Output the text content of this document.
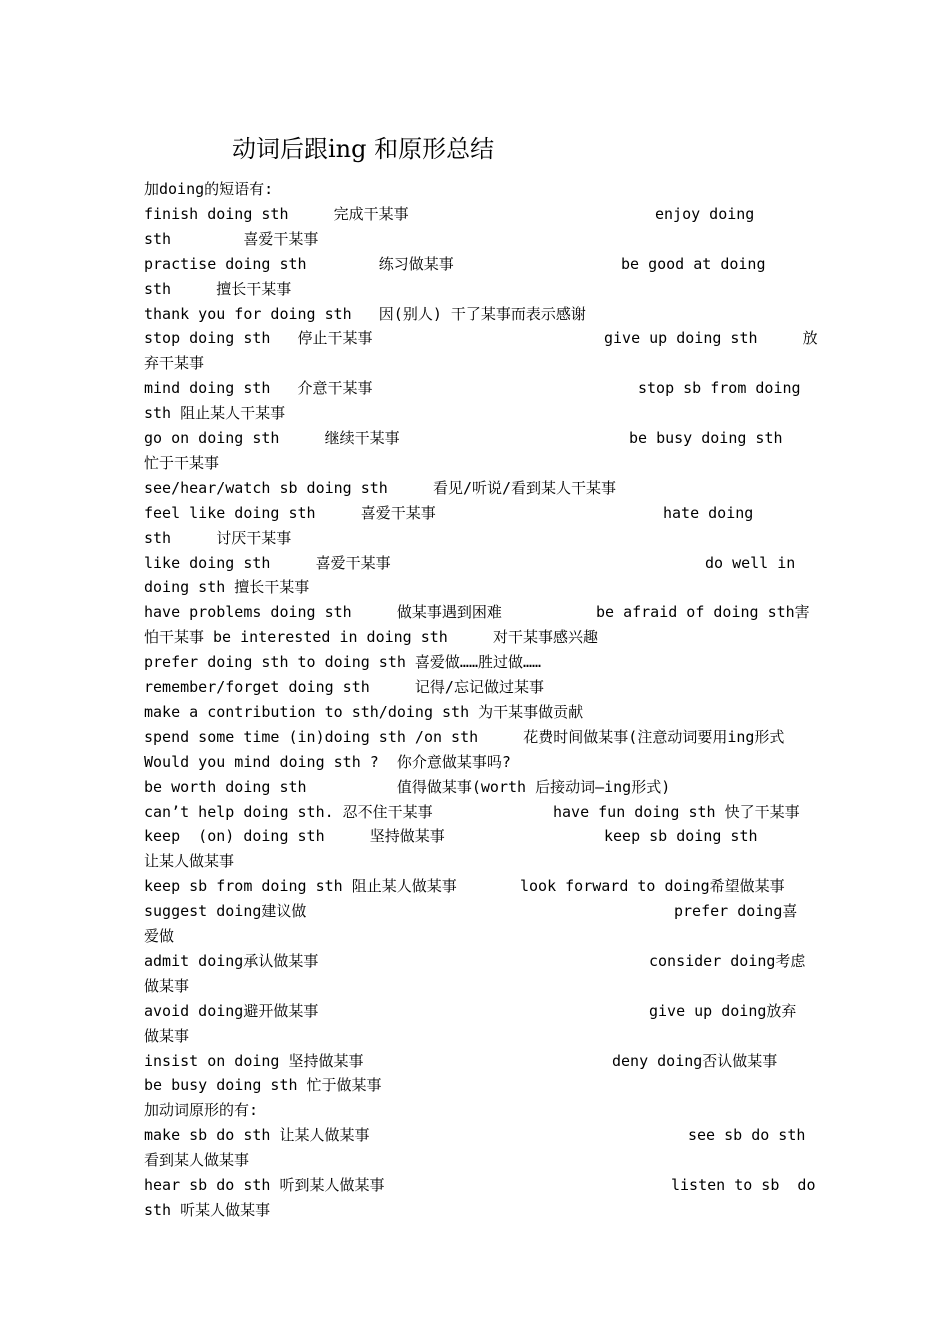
动词后跟ing 和原形总结
加doing的短语有:
finish doing sth     完成干某事	enjoy doing
sth        喜爱干某事
practise doing sth        练习做某事	be good at doing
sth     擅长干某事
thank you for doing sth   因(别人) 干了某事而表示感谢
stop doing sth   停止干某事	give up doing sth     放
弃干某事
mind doing sth   介意干某事	stop sb from doing
sth 阻止某人干某事
go on doing sth     继续干某事	be busy doing sth
忙于干某事
see/hear/watch sb doing sth     看见/听说/看到某人干某事
feel like doing sth     喜爱干某事	hate doing
sth     讨厌干某事
like doing sth     喜爱干某事	do well in
doing sth 擅长干某事
have problems doing sth     做某事遇到困难	be afraid of doing sth害
怕干某事 be interested in doing sth     对干某事感兴趣
prefer doing sth to doing sth 喜爱做……胜过做……
remember/forget doing sth     记得/忘记做过某事
make a contribution to sth/doing sth 为干某事做贡献
spend some time (in)doing sth /on sth     花费时间做某事(注意动词要用ing形式
Would you mind doing sth ?  你介意做某事吗?
be worth doing sth          值得做某事(worth 后接动词—ing形式)
can’t help doing sth. 忍不住干某事	have fun doing sth 快了干某事
keep  (on) doing sth     坚持做某事	keep sb doing sth
让某人做某事
keep sb from doing sth 阻止某人做某事	look forward to doing希望做某事
suggest doing建议做	prefer doing喜
爱做
admit doing承认做某事	consider doing考虑
做某事
avoid doing避开做某事	give up doing放弃
做某事
insist on doing 坚持做某事	deny doing否认做某事
be busy doing sth 忙于做某事
加动词原形的有:
make sb do sth 让某人做某事	see sb do sth
看到某人做某事
hear sb do sth 听到某人做某事	listen to sb  do
sth 听某人做某事
